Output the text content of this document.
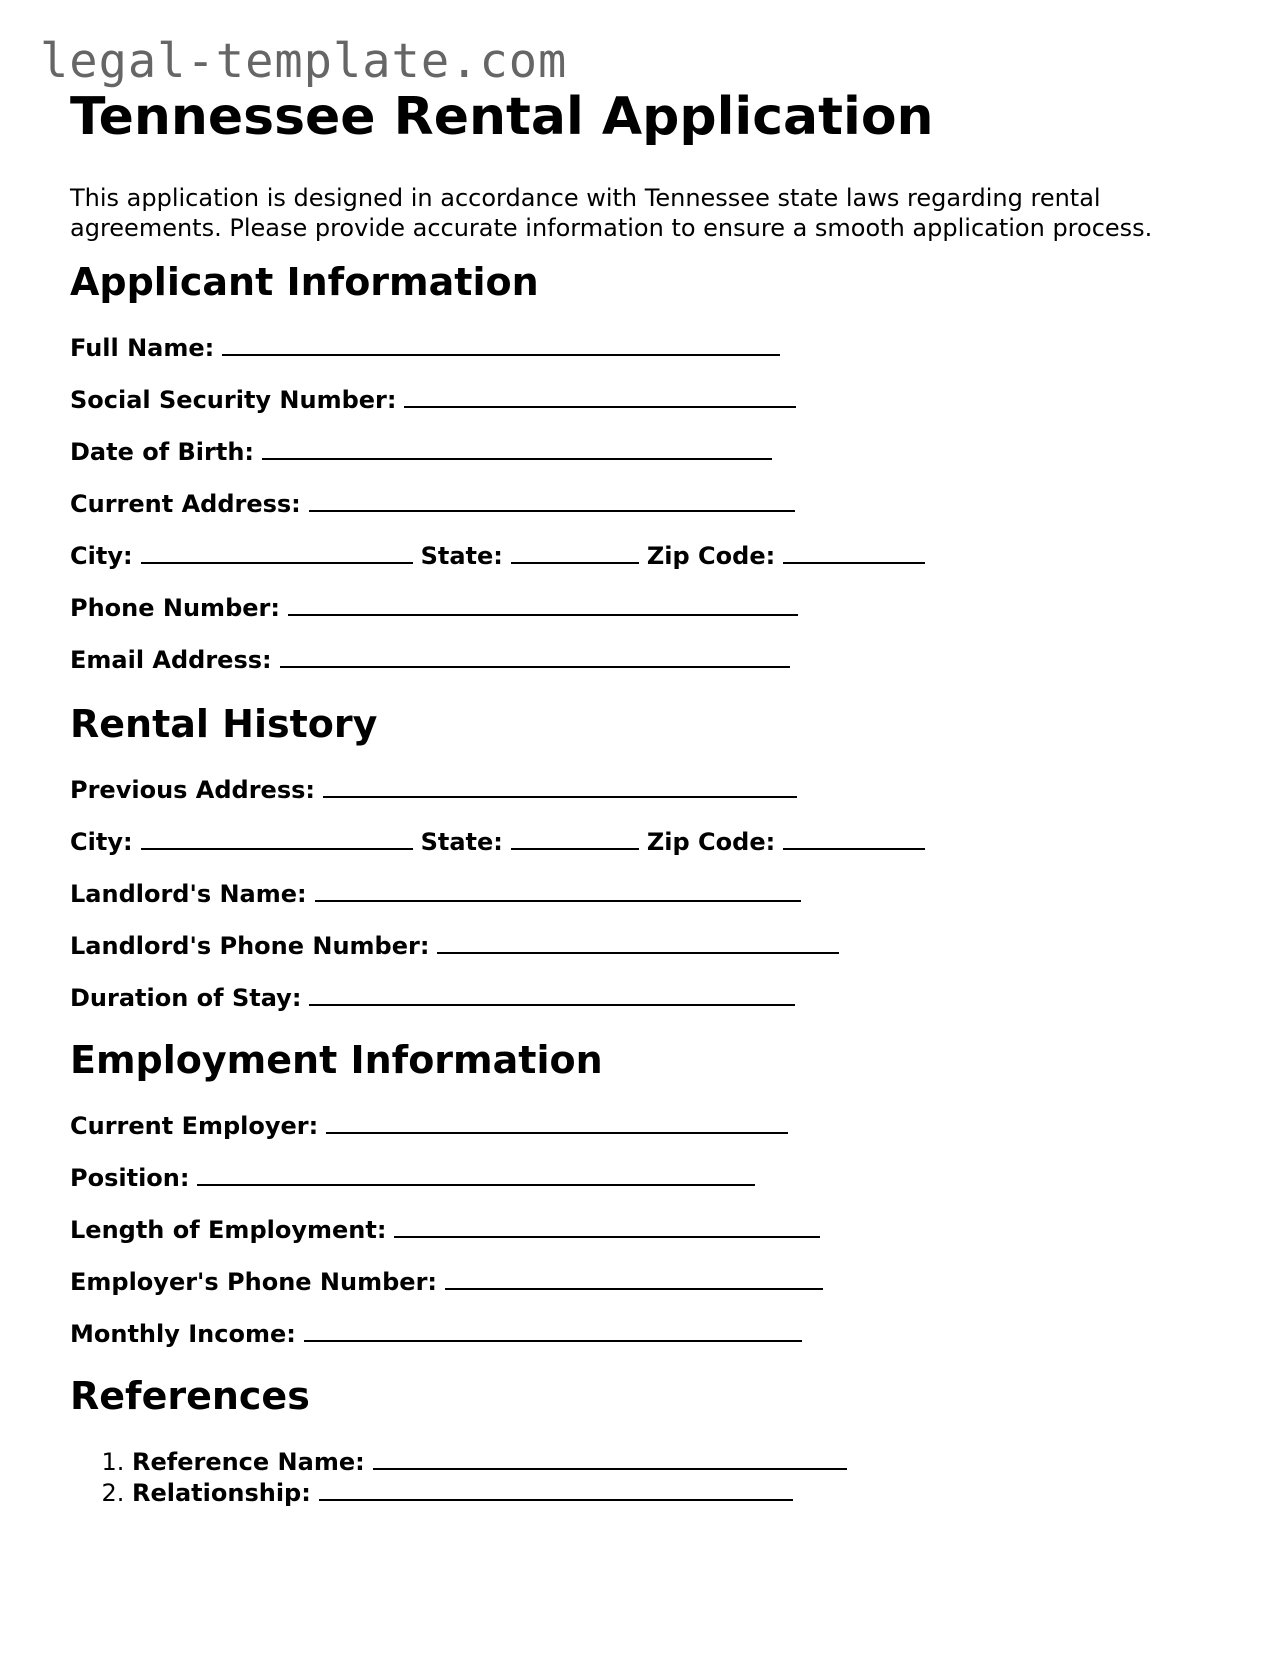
legal-template.com
Tennessee Rental Application

This application is designed in accordance with Tennessee state laws regarding rental agreements. Please provide accurate information to ensure a smooth application process.

Applicant Information
Full Name:
Social Security Number:
Date of Birth:
Current Address:
City:	State:	Zip Code:
Phone Number:
Email Address:
Rental History
Previous Address:
City:	State:	Zip Code:
Landlord's Name:
Landlord's Phone Number:
Duration of Stay:
Employment Information
Current Employer:
Position:
Length of Employment:
Employer's Phone Number:
Monthly Income:
References
1. Reference Name:
2. Relationship:
